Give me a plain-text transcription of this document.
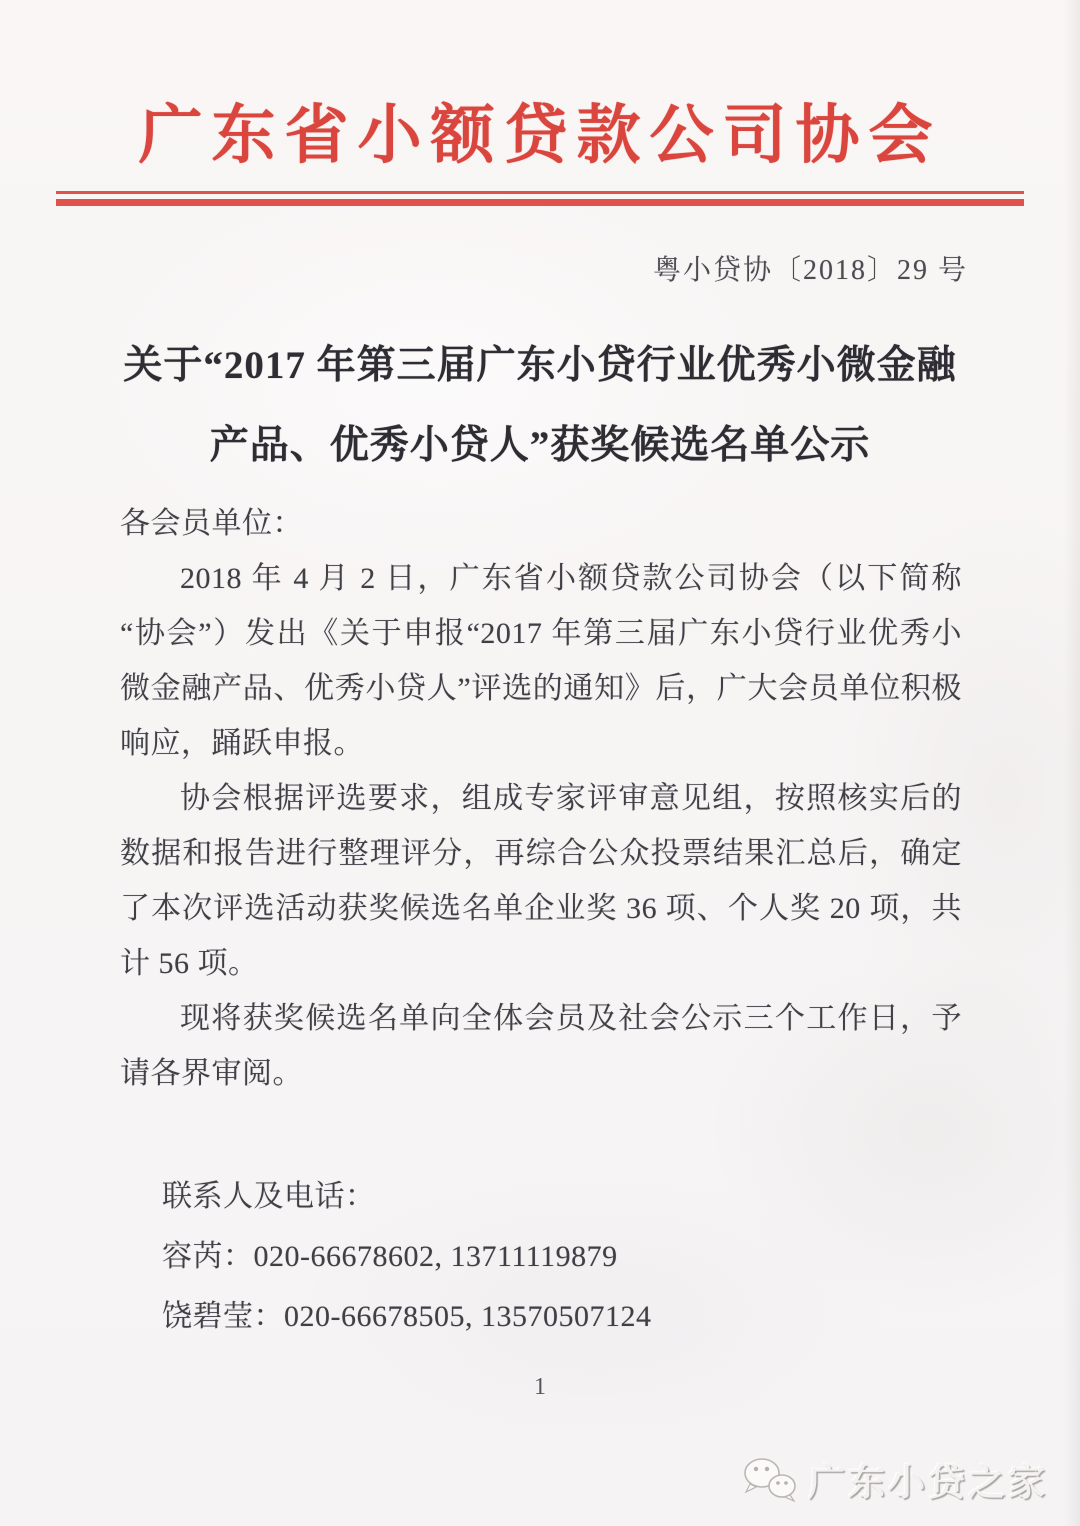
广东省小额贷款公司协会
粤小贷协〔2018〕29 号
关于“2017 年第三届广东小贷行业优秀小微金融
产品、优秀小贷人”获奖候选名单公示

各会员单位：

2018 年 4 月 2 日，广东省小额贷款公司协会（以下简称“协会”）发出《关于申报“2017 年第三届广东小贷行业优秀小微金融产品、优秀小贷人”评选的通知》后，广大会员单位积极响应，踊跃申报。

协会根据评选要求，组成专家评审意见组，按照核实后的数据和报告进行整理评分，再综合公众投票结果汇总后，确定了本次评选活动获奖候选名单企业奖 36 项、个人奖 20 项，共计 56 项。

现将获奖候选名单向全体会员及社会公示三个工作日，予请各界审阅。

联系人及电话：

容芮：020-66678602, 13711119879

饶碧莹：020-66678505, 13570507124

1
广东小贷之家
